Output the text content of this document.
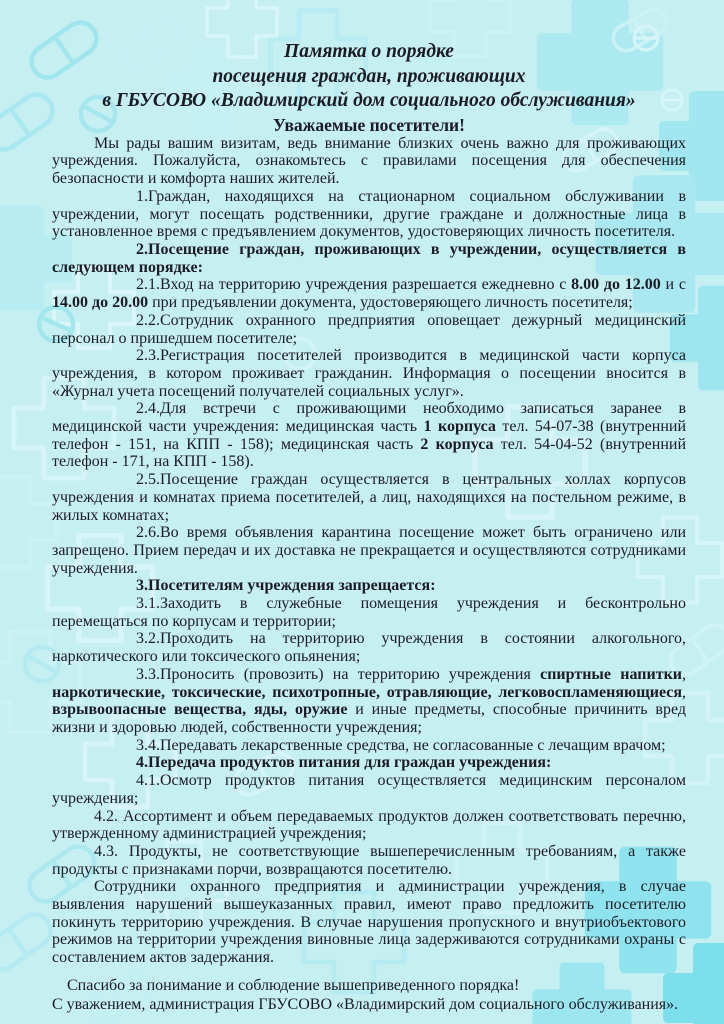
Памятка о порядке
посещения граждан, проживающих
в ГБУСОВО «Владимирский дом социального обслуживания»
Уважаемые посетители!

Мы рады вашим визитам, ведь внимание близких очень важно для проживающих учреждения. Пожалуйста, ознакомьтесь с правилами посещения для обеспечения безопасности и комфорта наших жителей.

1.Граждан, находящихся на стационарном социальном обслуживании в учреждении, могут посещать родственники, другие граждане и должностные лица в установленное время с предъявлением документов, удостоверяющих личность посетителя.

2.Посещение граждан, проживающих в учреждении, осуществляется в следующем порядке:

2.1.Вход на территорию учреждения разрешается ежедневно с 8.00 до 12.00 и с 14.00 до 20.00 при предъявлении документа, удостоверяющего личность посетителя;

2.2.Сотрудник охранного предприятия оповещает дежурный медицинский персонал о пришедшем посетителе;

2.3.Регистрация посетителей производится в медицинской части корпуса учреждения, в котором проживает гражданин. Информация о посещении вносится в «Журнал учета посещений получателей социальных услуг».

2.4.Для встречи с проживающими необходимо записаться заранее в медицинской части учреждения: медицинская часть 1 корпуса тел. 54-07-38 (внутренний телефон - 151, на КПП - 158); медицинская часть 2 корпуса тел. 54-04-52 (внутренний телефон - 171, на КПП - 158).

2.5.Посещение граждан осуществляется в центральных холлах корпусов учреждения и комнатах приема посетителей, а лиц, находящихся на постельном режиме, в жилых комнатах;

2.6.Во время объявления карантина посещение может быть ограничено или запрещено. Прием передач и их доставка не прекращается и осуществляются сотрудниками учреждения.

3.Посетителям учреждения запрещается:

3.1.Заходить в служебные помещения учреждения и бесконтрольно перемещаться по корпусам и территории;

3.2.Проходить на территорию учреждения в состоянии алкогольного, наркотического или токсического опьянения;

3.3.Проносить (провозить) на территорию учреждения спиртные напитки, наркотические, токсические, психотропные, отравляющие, легковоспламеняющиеся, взрывоопасные вещества, яды, оружие и иные предметы, способные причинить вред жизни и здоровью людей, собственности учреждения;

3.4.Передавать лекарственные средства, не согласованные с лечащим врачом;

4.Передача продуктов питания для граждан учреждения:

4.1.Осмотр продуктов питания осуществляется медицинским персоналом учреждения;

4.2. Ассортимент и объем передаваемых продуктов должен соответствовать перечню, утвержденному администрацией учреждения;

4.3. Продукты, не соответствующие вышеперечисленным требованиям, а также продукты с признаками порчи, возвращаются посетителю.

Сотрудники охранного предприятия и администрации учреждения, в случае выявления нарушений вышеуказанных правил, имеют право предложить посетителю покинуть территорию учреждения. В случае нарушения пропускного и внутриобъектового режимов на территории учреждения виновные лица задерживаются сотрудниками охраны с составлением актов задержания.

Спасибо за понимание и соблюдение вышеприведенного порядка!

С уважением, администрация ГБУСОВО «Владимирский дом социального обслуживания».
